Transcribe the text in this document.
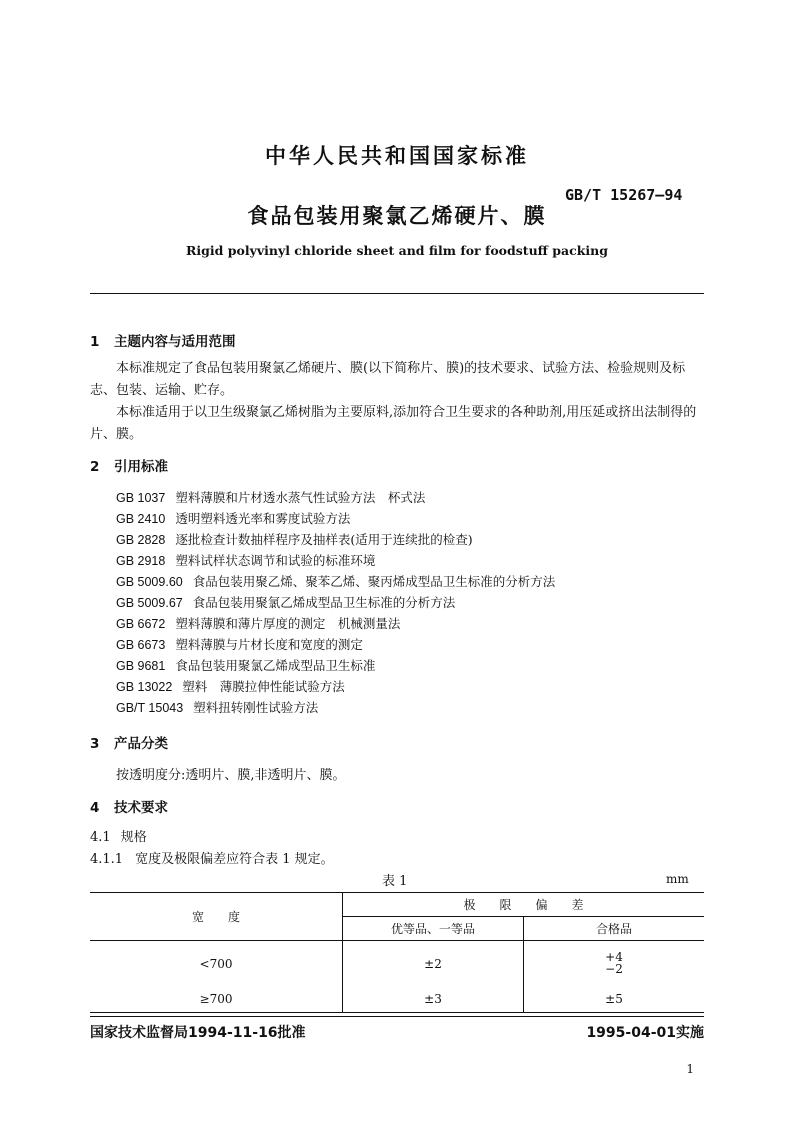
中华人民共和国国家标准
GB/T 15267—94
食品包装用聚氯乙烯硬片、膜
Rigid polyvinyl chloride sheet and film for foodstuff packing
1 主题内容与适用范围
本标准规定了食品包装用聚氯乙烯硬片、膜(以下简称片、膜)的技术要求、试验方法、检验规则及标志、包装、运输、贮存。
本标准适用于以卫生级聚氯乙烯树脂为主要原料,添加符合卫生要求的各种助剂,用压延或挤出法制得的片、膜。
2 引用标准
GB 1037 塑料薄膜和片材透水蒸气性试验方法　杯式法
GB 2410 透明塑料透光率和雾度试验方法
GB 2828 逐批检查计数抽样程序及抽样表(适用于连续批的检查)
GB 2918 塑料试样状态调节和试验的标准环境
GB 5009.60 食品包装用聚乙烯、聚苯乙烯、聚丙烯成型品卫生标准的分析方法
GB 5009.67 食品包装用聚氯乙烯成型品卫生标准的分析方法
GB 6672 塑料薄膜和薄片厚度的测定　机械测量法
GB 6673 塑料薄膜与片材长度和宽度的测定
GB 9681 食品包装用聚氯乙烯成型品卫生标准
GB 13022 塑料　薄膜拉伸性能试验方法
GB/T 15043 塑料扭转刚性试验方法
3 产品分类
按透明度分:透明片、膜,非透明片、膜。
4 技术要求
4.1 规格
4.1.1 宽度及极限偏差应符合表 1 规定。
表 1	mm
宽　　度	极　　限　　偏　　差	
	优等品、一等品	合格品
<700	±2	+4
−2
≥700	±3	±5
国家技术监督局1994-11-16批准	1995-04-01实施
1
